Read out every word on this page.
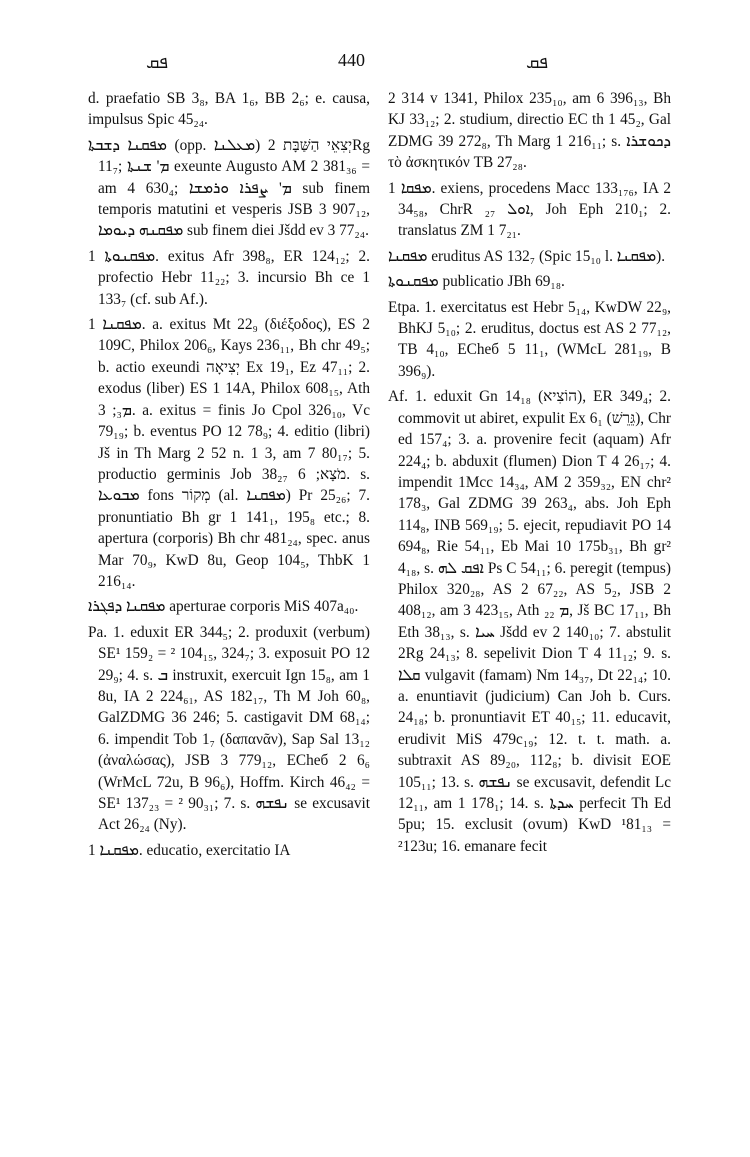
ܦܩ	440	ܦܩ

d. praefatio SB 3₈, BA 1₆, BB 2₆; e. causa, impulsus Spic 45₂₄.

ܡܦܩܢܐ ܕܫܒܬܐ (opp. ܡܥܠܢܐ) יְצִאֵי הַשַּׁבָּת 2Rg 11₇; ܡ' ܫܢܬܐ exeunte Augusto AM 2 381₃₆ = am 4 630₄; ܡ' ܨܦܪܐ ܘܪܡܫܐ sub finem temporis matutini et vesperis JSB 3 907₁₂, ܡܦܩܢܗ ܕܝܘܡܐ sub finem diei Jšdd ev 3 77₂₄.

ܡܦܩܢܘܬܐ 1. exitus Afr 398₈, ER 124₁₂; 2. profectio Hebr 11₂₂; 3. incursio Bh ce 1 133₇ (cf. sub Af.).

ܡܦܩܢܐ 1. a. exitus Mt 22₉ (διέξοδος), ES 2 109C, Philox 206₆, Kays 236₁₁, Bh chr 49₅; b. actio exeundi יְצִיאָה Ex 19₁, Ez 47₁₁; 2. exodus (liber) ES 1 14A, Philox 608₁₅, Ath ܡ₃; 3. a. exitus = finis Jo Cpol 326₁₀, Vc 79₁₉; b. eventus PO 12 78₉; 4. editio (libri) Jš in Th Marg 2 52 n. 1 3, am 7 80₁₇; 5. productio germinis Job 38₂₇ מֹצָא; 6. s. ܡܒܘܥܐ fons מְקוֹר (al. ܡܦܩܢܐ) Pr 25₂₆; 7. pronuntiatio Bh gr 1 141₁, 195₈ etc.; 8. apertura (corporis) Bh chr 481₂₄, spec. anus Mar 70₉, KwD 8u, Geop 104₅, ThbK 1 216₁₄.

ܡܦܩܢܐ ܕܦܓܪܐ aperturae corporis MiS 407a₄₀.

Pa. 1. eduxit ER 344₅; 2. produxit (verbum) SE¹ 159₂ = ² 104₁₅, 324₇; 3. exposuit PO 12 29₉; 4. s. ܒ instruxit, exercuit Ign 15₈, am 1 8u, IA 2 224₆₁, AS 182₁₇, Th M Joh 60₈, GalZDMG 36 246; 5. castigavit DM 68₁₄; 6. impendit Tob 1₇ (δαπανᾶν), Sap Sal 13₁₂ (ἀναλώσας), JSB 3 779₁₂, ECheб 2 6₆ (WrMcL 72u, B 96₆), Hoffm. Kirch 46₄₂ = SE¹ 137₂₃ = ² 90₃₁; 7. s. ܢܦܫܗ se excusavit Act 26₂₄ (Ny).

ܡܦܩܢܐ 1. educatio, exercitatio IA

2 314 v 1341, Philox 235₁₀, am 6 396₁₃, Bh KJ 33₁₂; 2. studium, directio EC th 1 45₂, Gal ZDMG 39 272₈, Th Marg 1 216₁₁; s. ܕܟܘܫܪܐ τὸ ἀσκητικόν TB 27₂₈.

ܡܦܩܐ 1. exiens, procedens Macc 133₁₇₆, IA 2 34₅₈, ChrR ܐܘܠ ₂₇, Joh Eph 210₁; 2. translatus ZM 1 7₂₁.

ܡܦܩܢܐ eruditus AS 132₇ (Spic 15₁₀ l. ܡܦܩܢܐ).

ܡܦܩܢܘܬܐ publicatio JBh 69₁₈.

Etpa. 1. exercitatus est Hebr 5₁₄, KwDW 22₉, BhKJ 5₁₀; 2. eruditus, doctus est AS 2 77₁₂, TB 4₁₀, ECheб 5 11₁, (WMcL 281₁₉, B 396₉).

Af. 1. eduxit Gn 14₁₈ (הוֹצִיא), ER 349₄; 2. commovit ut abiret, expulit Ex 6₁ (גֵּרֵשׁ), Chr ed 157₄; 3. a. provenire fecit (aquam) Afr 224₄; b. abduxit (flumen) Dion T 4 26₁₇; 4. impendit 1Mcc 14₃₄, AM 2 359₃₂, EN chr² 178₃, Gal ZDMG 39 263₄, abs. Joh Eph 114₈, INB 569₁₉; 5. ejecit, repudiavit PO 14 694₈, Rie 54₁₁, Eb Mai 10 175b₃₁, Bh gr² 4₁₈, s. ܐܦܩ ܠܗ Ps C 54₁₁; 6. peregit (tempus) Philox 320₂₈, AS 2 67₂₂, AS 5₂, JSB 2 408₁₂, am 3 423₁₅, Ath ܡ ₂₂, Jš BC 17₁₁, Bh Eth 38₁₃, s. ܚܝܐ Jšdd ev 2 140₁₀; 7. abstulit 2Rg 24₁₃; 8. sepelivit Dion T 4 11₁₂; 9. s. ܩܠܐ vulgavit (famam) Nm 14₃₇, Dt 22₁₄; 10. a. enuntiavit (judicium) Can Joh b. Curs. 24₁₈; b. pronuntiavit ET 40₁₅; 11. educavit, erudivit MiS 479c₁₉; 12. t. t. math. a. subtraxit AS 89₂₀, 112₈; b. divisit EOE 105₁₁; 13. s. ܢܦܫܗ se excusavit, defendit Lc 12₁₁, am 1 178₁; 14. s. ܚܕܬܐ perfecit Th Ed 5pu; 15. exclusit (ovum) KwD ¹81₁₃ = ²123u; 16. emanare fecit
